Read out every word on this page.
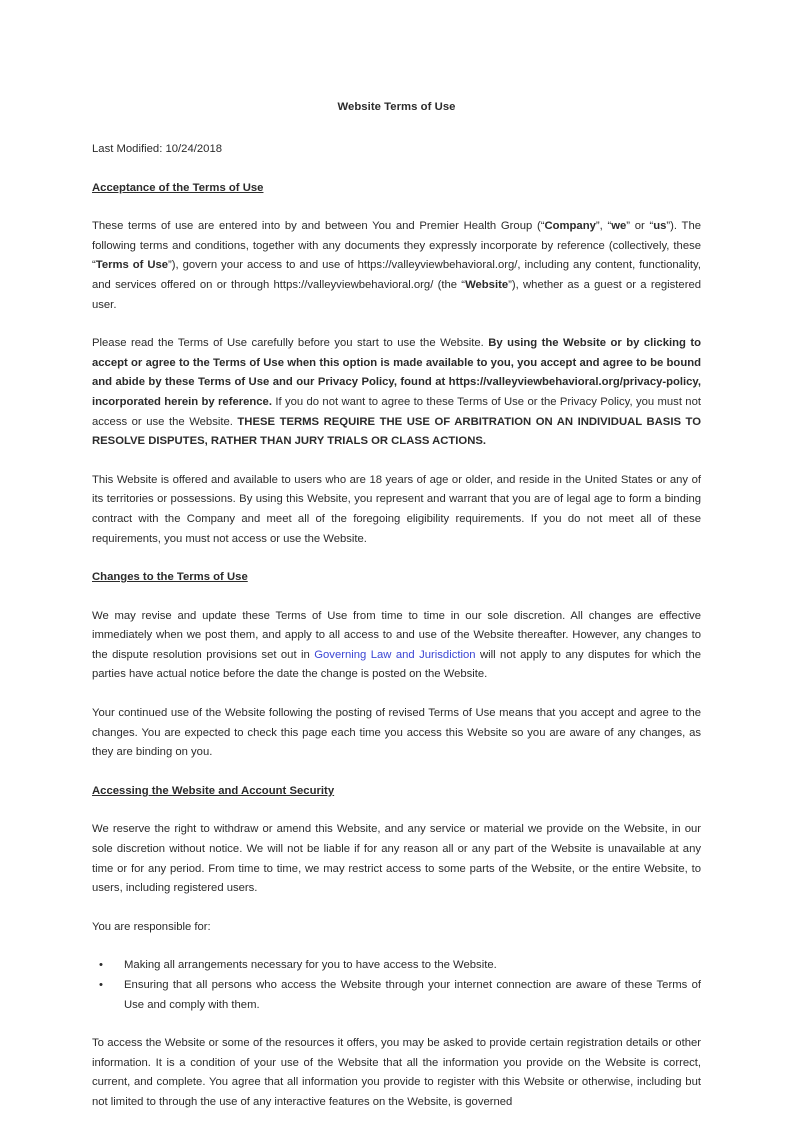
Website Terms of Use
Last Modified: 10/24/2018
Acceptance of the Terms of Use

These terms of use are entered into by and between You and Premier Health Group (“Company”, “we” or “us”). The following terms and conditions, together with any documents they expressly incorporate by reference (collectively, these “Terms of Use”), govern your access to and use of https://valleyviewbehavioral.org/, including any content, functionality, and services offered on or through https://valleyviewbehavioral.org/ (the “Website”), whether as a guest or a registered user.

Please read the Terms of Use carefully before you start to use the Website. By using the Website or by clicking to accept or agree to the Terms of Use when this option is made available to you, you accept and agree to be bound and abide by these Terms of Use and our Privacy Policy, found at https://valleyviewbehavioral.org/privacy-policy, incorporated herein by reference. If you do not want to agree to these Terms of Use or the Privacy Policy, you must not access or use the Website. THESE TERMS REQUIRE THE USE OF ARBITRATION ON AN INDIVIDUAL BASIS TO RESOLVE DISPUTES, RATHER THAN JURY TRIALS OR CLASS ACTIONS.

This Website is offered and available to users who are 18 years of age or older, and reside in the United States or any of its territories or possessions. By using this Website, you represent and warrant that you are of legal age to form a binding contract with the Company and meet all of the foregoing eligibility requirements. If you do not meet all of these requirements, you must not access or use the Website.

Changes to the Terms of Use

We may revise and update these Terms of Use from time to time in our sole discretion. All changes are effective immediately when we post them, and apply to all access to and use of the Website thereafter. However, any changes to the dispute resolution provisions set out in Governing Law and Jurisdiction will not apply to any disputes for which the parties have actual notice before the date the change is posted on the Website.

Your continued use of the Website following the posting of revised Terms of Use means that you accept and agree to the changes. You are expected to check this page each time you access this Website so you are aware of any changes, as they are binding on you.

Accessing the Website and Account Security

We reserve the right to withdraw or amend this Website, and any service or material we provide on the Website, in our sole discretion without notice. We will not be liable if for any reason all or any part of the Website is unavailable at any time or for any period. From time to time, we may restrict access to some parts of the Website, or the entire Website, to users, including registered users.

You are responsible for:

• Making all arrangements necessary for you to have access to the Website.
• Ensuring that all persons who access the Website through your internet connection are aware of these Terms of Use and comply with them.

To access the Website or some of the resources it offers, you may be asked to provide certain registration details or other information. It is a condition of your use of the Website that all the information you provide on the Website is correct, current, and complete. You agree that all information you provide to register with this Website or otherwise, including but not limited to through the use of any interactive features on the Website, is governed
